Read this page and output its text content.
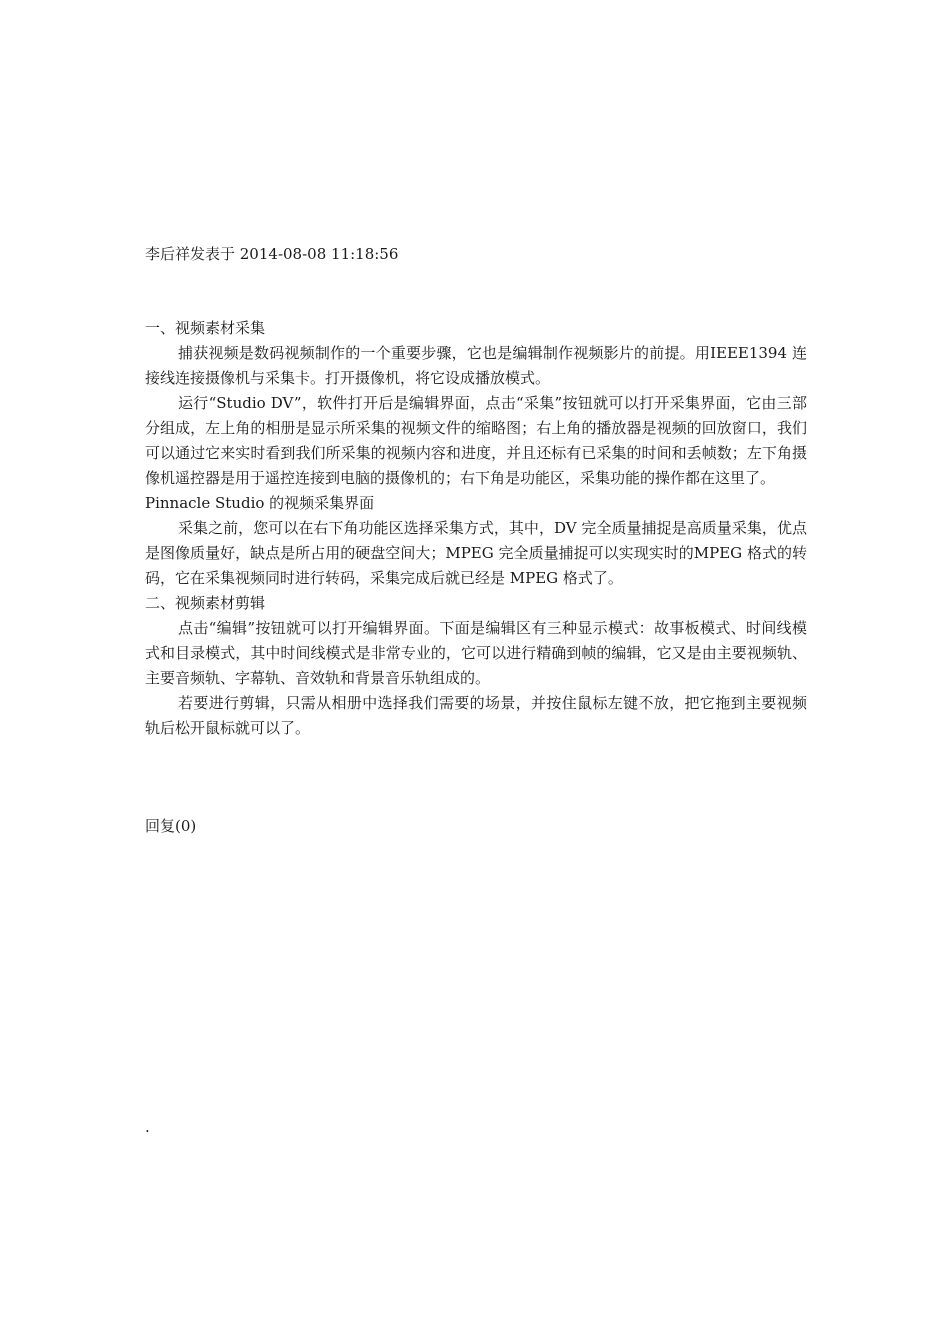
李后祥发表于 2014-08-08 11:18:56

一、视频素材采集

捕获视频是数码视频制作的一个重要步骤，它也是编辑制作视频影片的前提。用IEEE1394 连接线连接摄像机与采集卡。打开摄像机，将它设成播放模式。

运行“Studio DV”，软件打开后是编辑界面，点击“采集”按钮就可以打开采集界面，它由三部分组成，左上角的相册是显示所采集的视频文件的缩略图；右上角的播放器是视频的回放窗口，我们可以通过它来实时看到我们所采集的视频内容和进度，并且还标有已采集的时间和丢帧数；左下角摄像机遥控器是用于遥控连接到电脑的摄像机的；右下角是功能区，采集功能的操作都在这里了。

Pinnacle Studio 的视频采集界面

采集之前，您可以在右下角功能区选择采集方式，其中，DV 完全质量捕捉是高质量采集，优点是图像质量好，缺点是所占用的硬盘空间大；MPEG 完全质量捕捉可以实现实时的MPEG 格式的转码，它在采集视频同时进行转码，采集完成后就已经是 MPEG 格式了。

二、视频素材剪辑

点击“编辑”按钮就可以打开编辑界面。下面是编辑区有三种显示模式：故事板模式、时间线模式和目录模式，其中时间线模式是非常专业的，它可以进行精确到帧的编辑，它又是由主要视频轨、主要音频轨、字幕轨、音效轨和背景音乐轨组成的。

若要进行剪辑，只需从相册中选择我们需要的场景，并按住鼠标左键不放，把它拖到主要视频轨后松开鼠标就可以了。

回复(0)
.
